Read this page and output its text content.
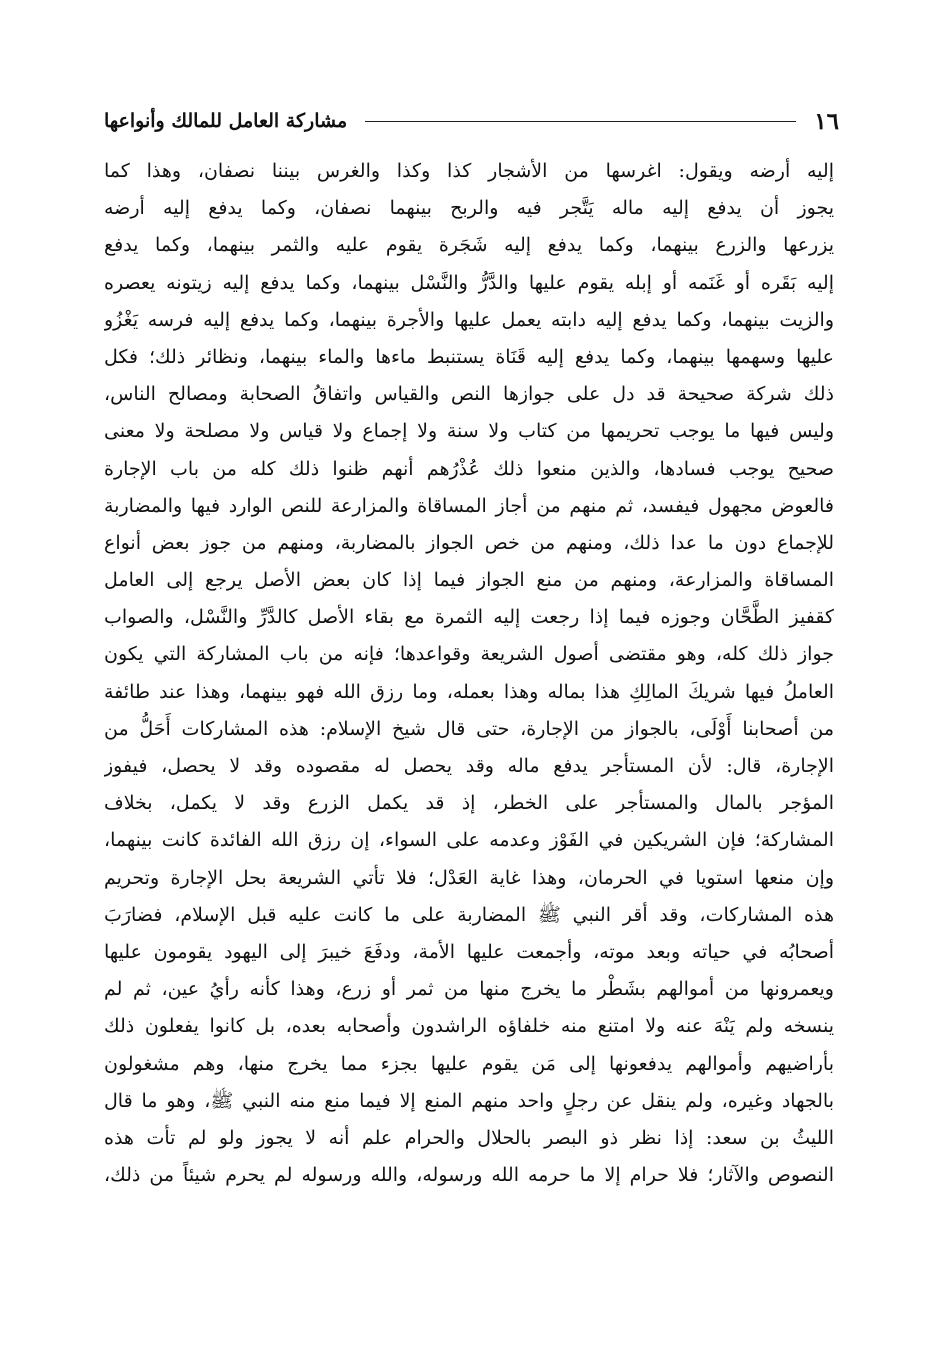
١٦
مشاركة العامل للمالك وأنواعها
إليه أرضه ويقول: اغرسها من الأشجار كذا وكذا والغرس بيننا نصفان، وهذا كما
يجوز أن يدفع إليه ماله يَتَّجر فيه والربح بينهما نصفان، وكما يدفع إليه أرضه
يزرعها والزرع بينهما، وكما يدفع إليه شَجَرة يقوم عليه والثمر بينهما، وكما يدفع
إليه بَقَره أو غَنَمه أو إبله يقوم عليها والدَّرُّ والنَّسْل بينهما، وكما يدفع إليه زيتونه يعصره
والزيت بينهما، وكما يدفع إليه دابته يعمل عليها والأجرة بينهما، وكما يدفع إليه فرسه يَغْزُو
عليها وسهمها بينهما، وكما يدفع إليه قَنَاة يستنبط ماءها والماء بينهما، ونظائر ذلك؛ فكل
ذلك شركة صحيحة قد دل على جوازها النص والقياس واتفاقُ الصحابة ومصالح الناس،
وليس فيها ما يوجب تحريمها من كتاب ولا سنة ولا إجماع ولا قياس ولا مصلحة ولا معنى
صحيح يوجب فسادها، والذين منعوا ذلك عُذْرُهم أنهم ظنوا ذلك كله من باب الإجارة
فالعوض مجهول فيفسد، ثم منهم من أجاز المساقاة والمزارعة للنص الوارد فيها والمضاربة
للإجماع دون ما عدا ذلك، ومنهم من خص الجواز بالمضاربة، ومنهم من جوز بعض أنواع
المساقاة والمزارعة، ومنهم من منع الجواز فيما إذا كان بعض الأصل يرجع إلى العامل
كقفيز الطَّحَّان وجوزه فيما إذا رجعت إليه الثمرة مع بقاء الأصل كالدَّرِّ والنَّسْل، والصواب
جواز ذلك كله، وهو مقتضى أصول الشريعة وقواعدها؛ فإنه من باب المشاركة التي يكون
العاملُ فيها شريكَ المالِكِ هذا بماله وهذا بعمله، وما رزق الله فهو بينهما، وهذا عند طائفة
من أصحابنا أَوْلَى، بالجواز من الإجارة، حتى قال شيخ الإسلام: هذه المشاركات أَحَلُّ من
الإجارة، قال: لأن المستأجر يدفع ماله وقد يحصل له مقصوده وقد لا يحصل، فيفوز
المؤجر بالمال والمستأجر على الخطر، إذ قد يكمل الزرع وقد لا يكمل، بخلاف
المشاركة؛ فإن الشريكين في الفَوْز وعدمه على السواء، إن رزق الله الفائدة كانت بينهما،
وإن منعها استويا في الحرمان، وهذا غاية العَدْل؛ فلا تأتي الشريعة بحل الإجارة وتحريم
هذه المشاركات، وقد أقر النبي ﷺ المضاربة على ما كانت عليه قبل الإسلام، فضارَبَ
أصحابُه في حياته وبعد موته، وأجمعت عليها الأمة، ودفَعَ خيبرَ إلى اليهود يقومون عليها
ويعمرونها من أموالهم بشَطْر ما يخرج منها من ثمر أو زرع، وهذا كأنه رأيُ عين، ثم لم
ينسخه ولم يَنْهَ عنه ولا امتنع منه خلفاؤه الراشدون وأصحابه بعده، بل كانوا يفعلون ذلك
بأراضيهم وأموالهم يدفعونها إلى مَن يقوم عليها بجزء مما يخرج منها، وهم مشغولون
بالجهاد وغيره، ولم ينقل عن رجلٍ واحد منهم المنع إلا فيما منع منه النبي ﷺ، وهو ما قال
الليثُ بن سعد: إذا نظر ذو البصر بالحلال والحرام علم أنه لا يجوز ولو لم تأت هذه
النصوص والآثار؛ فلا حرام إلا ما حرمه الله ورسوله، والله ورسوله لم يحرم شيئاً من ذلك،
